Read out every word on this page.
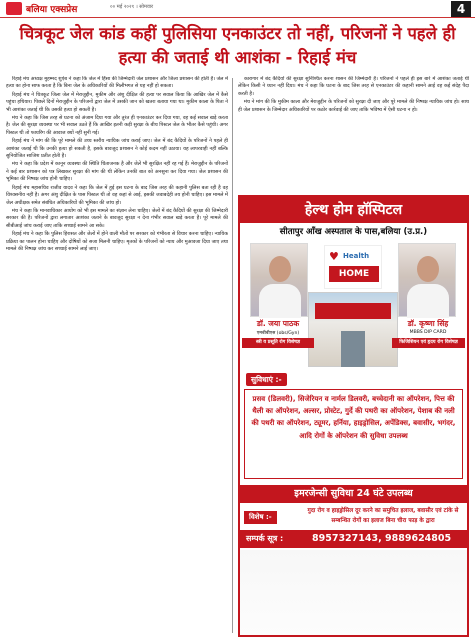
बलिया एक्सप्रेस	०० मई २०२१ । सोमवार	4
चित्रकूट जेल कांड कहीं पुलिसिया एनकाउंटर तो नहीं, परिजनों ने पहले ही हत्या की जताई थी आशंका - रिहाई मंच

रिहाई मंच अध्यक्ष मुहम्मद शुऐब ने कहा कि जेल में हिंसा की जिम्मेदारी जेल प्रशासन और जिला प्रशासन की होती है। जेल में हत्या का होना साफ करता है कि बिना जेल के अधिकारियों की मिलीभगत से यह नहीं हो सकता।

रिहाई मंच ने चित्रकूट जिला जेल में मेराजुद्दीन, मुकीम और अंशु दीक्षित की हत्या पर सवाल किया कि आखिर जेल में कैसे पहुंचा हथियार। पिछले दिनों मेराजुद्दीन के परिजनों द्वारा जेल में उसकी जान को खतरा बताया गया था। मुकीम काला के पिता ने भी आशंका जताई थी कि उसकी हत्या हो सकती है।

मंच ने कहा कि जिस तरह से घटना को अंजाम दिया गया और तुरंत ही एनकाउंटर कर दिया गया, वह कई सवाल खड़े करता है। जेल की सुरक्षा व्यवस्था पर भी सवाल उठते हैं कि आखिर इतनी कड़ी सुरक्षा के बीच पिस्टल जेल के भीतर कैसे पहुंची। अगर पिस्टल थी तो फायरिंग की आवाज क्यों नहीं सुनी गई।

रिहाई मंच ने मांग की कि पूरे मामले की उच्च स्तरीय न्यायिक जांच कराई जाए। जेल में बंद कैदियों के परिजनों ने पहले ही आशंका जताई थी कि उनकी हत्या हो सकती है, इसके बावजूद प्रशासन ने कोई कदम नहीं उठाया। यह लापरवाही नहीं बल्कि सुनियोजित साजिश प्रतीत होती है।

मंच ने कहा कि प्रदेश में कानून व्यवस्था की स्थिति चिंताजनक है और जेलें भी सुरक्षित नहीं रह गई हैं। मेराजुद्दीन के परिजनों ने कई बार प्रशासन को पत्र लिखकर सुरक्षा की मांग की थी लेकिन उनकी बात को अनसुना कर दिया गया। जेल प्रशासन की भूमिका की निष्पक्ष जांच होनी चाहिए।

रिहाई मंच महासचिव राजीव यादव ने कहा कि जेल में हुई इस घटना के बाद जिस तरह की कहानी पुलिस बता रही है वह विश्वसनीय नहीं है। अगर अंशु दीक्षित के पास पिस्टल थी तो वह कहां से आई, इसकी जवाबदेही तय होनी चाहिए। इस मामले में जेल अधीक्षक समेत संबंधित अधिकारियों की भूमिका की जांच हो।

मंच ने कहा कि मानवाधिकार आयोग को भी इस मामले का संज्ञान लेना चाहिए। जेलों में बंद कैदियों की सुरक्षा की जिम्मेदारी सरकार की है। परिजनों द्वारा लगातार आशंका जताने के बावजूद सुरक्षा न देना गंभीर सवाल खड़े करता है। पूरे मामले की सीबीआई जांच कराई जाए ताकि सच्चाई सामने आ सके।

रिहाई मंच ने कहा कि पुलिस हिरासत और जेलों में होने वाली मौतों पर सरकार को गंभीरता से विचार करना चाहिए। न्यायिक प्रक्रिया का पालन होना चाहिए और दोषियों को सजा मिलनी चाहिए। मृतकों के परिजनों को न्याय और मुआवजा दिया जाए तथा मामले की निष्पक्ष जांच कर सच्चाई सामने लाई जाए।

कारागार में बंद कैदियों की सुरक्षा सुनिश्चित करना शासन की जिम्मेदारी है। परिजनों ने पहले ही इस बारे में आशंका जताई थी लेकिन किसी ने ध्यान नहीं दिया। मंच ने कहा कि घटना के बाद जिस तरह से एनकाउंटर की कहानी सामने आई वह कई संदेह पैदा करती है।

मंच ने मांग की कि मुकीम काला और मेराजुद्दीन के परिजनों को सुरक्षा दी जाए और पूरे मामले की निष्पक्ष न्यायिक जांच हो। साथ ही जेल प्रशासन के जिम्मेदार अधिकारियों पर कठोर कार्रवाई की जाए ताकि भविष्य में ऐसी घटना न हो।

हेल्थ होम हॉस्पिटल
सीतापुर आँख अस्पताल के पास,बलिया (उ.प्र.)
♥ Health
HOME
डॉ. जया पाठक
एमबीबीएस (obs/Gyn)
स्त्री व प्रसूति रोग विशेषज्ञ
डॉ. कृष्णा सिंह
MBBS DIP CARD
फिजिशियन एवं हृदय रोग विशेषज्ञ
सुविधाएं :-
प्रसव (डिलवरी), सिजेरियन व नार्मल डिलवरी, बच्चेदानी का ऑपरेशन, पित्त की थैली का ऑपरेशन, अल्सर, प्रोस्टेट, गुर्दे की पथरी का ऑपरेशन, पेशाब की नली की पथरी का ऑपरेशन, ट्यूमर, हर्निया, हाइड्रोसिल, अपेंडिक्स, बवासीर, भगंदर, आदि रोगों के ऑपरेशन की सुविधा उपलब्ध
इमरजेन्सी सुविधा 24 घंटे उपलब्ध
विशेष :-
गुदा रोग व हाइड्रोसिल दूर करने का समुचित इलाज, बवासीर एवं टांके से सम्बन्धित रोगों का इलाज बिना चीरा फाड़ के द्वारा
सम्पर्क सूत्र :	8957327143, 9889624805
